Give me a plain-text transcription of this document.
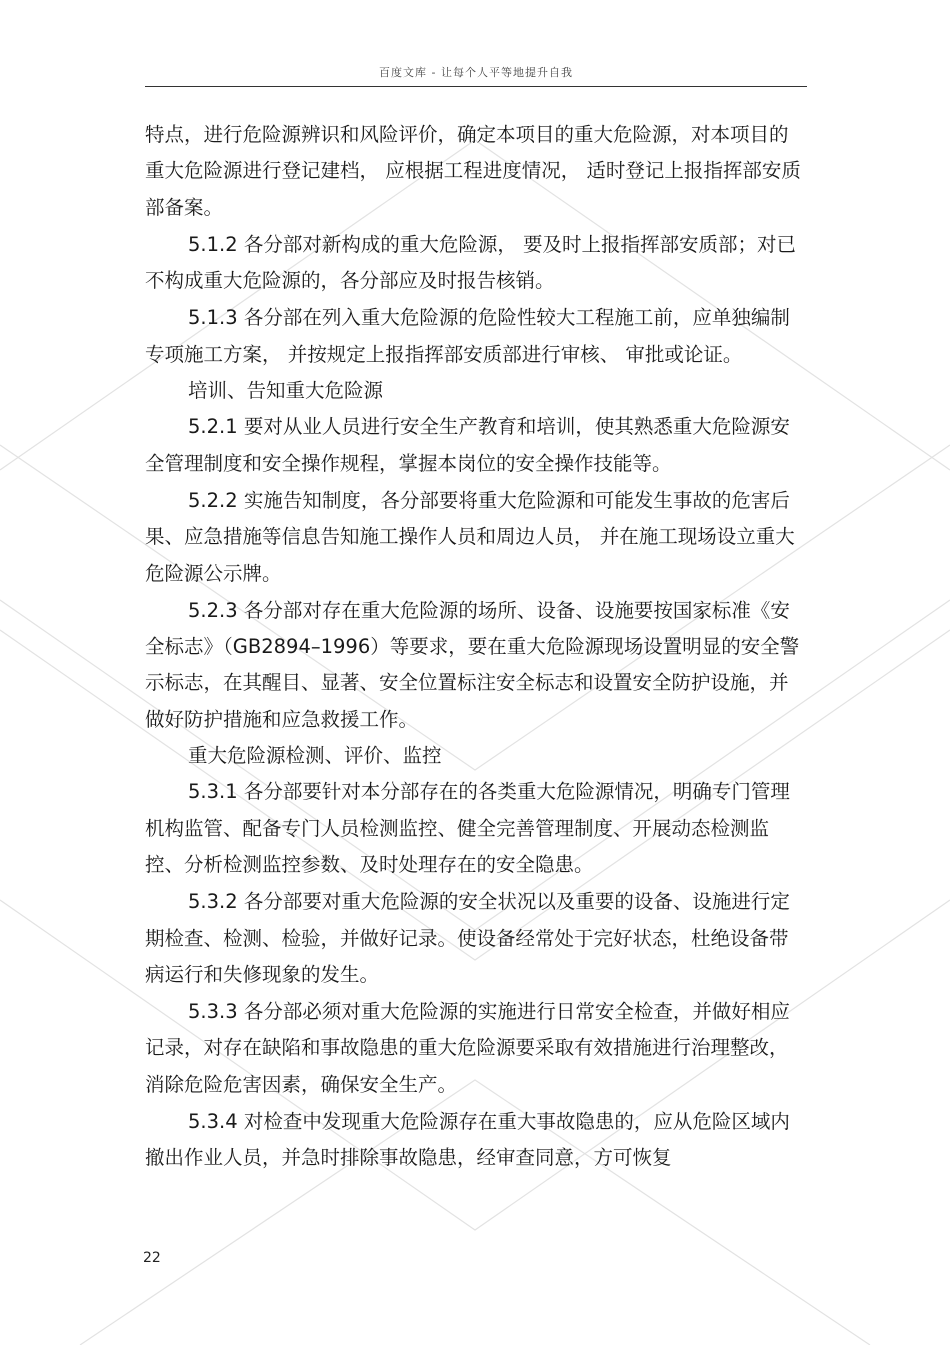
百度文库 - 让每个人平等地提升自我

特点，进行危险源辨识和风险评价，确定本项目的重大危险源，对本项目的重大危险源进行登记建档， 应根据工程进度情况， 适时登记上报指挥部安质部备案。

5.1.2 各分部对新构成的重大危险源， 要及时上报指挥部安质部；对已不构成重大危险源的，各分部应及时报告核销。

5.1.3 各分部在列入重大危险源的危险性较大工程施工前，应单独编制专项施工方案， 并按规定上报指挥部安质部进行审核、 审批或论证。

培训、告知重大危险源

5.2.1 要对从业人员进行安全生产教育和培训，使其熟悉重大危险源安全管理制度和安全操作规程，掌握本岗位的安全操作技能等。

5.2.2 实施告知制度，各分部要将重大危险源和可能发生事故的危害后果、应急措施等信息告知施工操作人员和周边人员， 并在施工现场设立重大危险源公示牌。

5.2.3 各分部对存在重大危险源的场所、设备、设施要按国家标准《安全标志》（GB2894–1996）等要求，要在重大危险源现场设置明显的安全警示标志，在其醒目、显著、安全位置标注安全标志和设置安全防护设施，并做好防护措施和应急救援工作。

重大危险源检测、评价、监控

5.3.1 各分部要针对本分部存在的各类重大危险源情况，明确专门管理机构监管、配备专门人员检测监控、健全完善管理制度、开展动态检测监控、分析检测监控参数、及时处理存在的安全隐患。

5.3.2 各分部要对重大危险源的安全状况以及重要的设备、设施进行定期检查、检测、检验，并做好记录。使设备经常处于完好状态，杜绝设备带病运行和失修现象的发生。

5.3.3 各分部必须对重大危险源的实施进行日常安全检查，并做好相应记录，对存在缺陷和事故隐患的重大危险源要采取有效措施进行治理整改，消除危险危害因素，确保安全生产。

5.3.4 对检查中发现重大危险源存在重大事故隐患的，应从危险区域内撤出作业人员，并急时排除事故隐患，经审查同意，方可恢复

22
